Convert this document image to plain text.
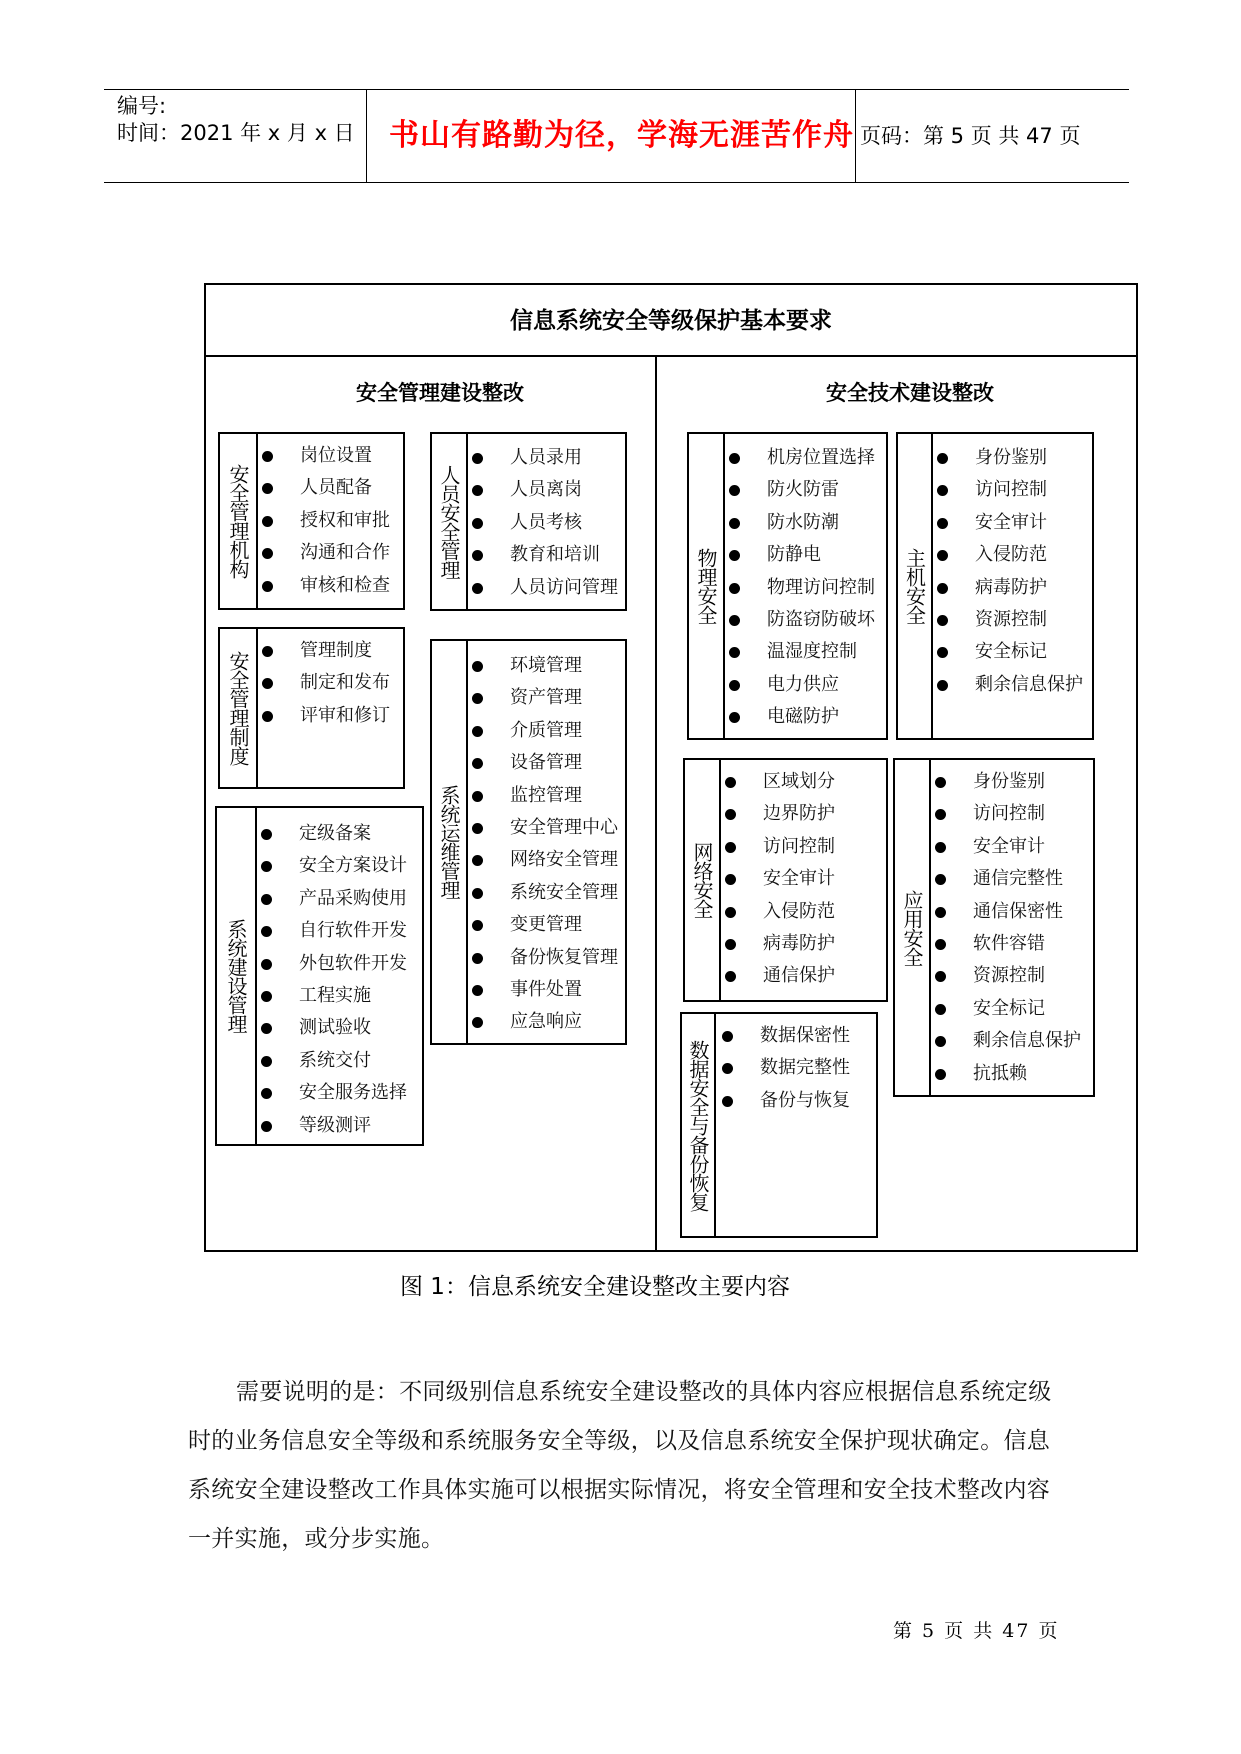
编号:
时间：2021 年 x 月 x 日 书山有路勤为径，学海无涯苦作舟 页码：第 5 页 共 47 页
信息系统安全等级保护基本要求
安全管理建设整改	安全技术建设整改
安全管理机构
岗位设置
人员配备
授权和审批
沟通和合作
审核和检查
安全管理制度
管理制度
制定和发布
评审和修订
系统建设管理
定级备案
安全方案设计
产品采购使用
自行软件开发
外包软件开发
工程实施
测试验收
系统交付
安全服务选择
等级测评
人员安全管理
人员录用
人员离岗
人员考核
教育和培训
人员访问管理
系统运维管理
环境管理
资产管理
介质管理
设备管理
监控管理
安全管理中心
网络安全管理
系统安全管理
变更管理
备份恢复管理
事件处置
应急响应
物理安全
机房位置选择
防火防雷
防水防潮
防静电
物理访问控制
防盗窃防破坏
温湿度控制
电力供应
电磁防护
主机安全
身份鉴别
访问控制
安全审计
入侵防范
病毒防护
资源控制
安全标记
剩余信息保护
网络安全
区域划分
边界防护
访问控制
安全审计
入侵防范
病毒防护
通信保护
应用安全
身份鉴别
访问控制
安全审计
通信完整性
通信保密性
软件容错
资源控制
安全标记
剩余信息保护
抗抵赖
数据安全与备份恢复
数据保密性
数据完整性
备份与恢复
图 1：信息系统安全建设整改主要内容

需要说明的是：不同级别信息系统安全建设整改的具体内容应根据信息系统定级时的业务信息安全等级和系统服务安全等级，以及信息系统安全保护现状确定。信息系统安全建设整改工作具体实施可以根据实际情况，将安全管理和安全技术整改内容一并实施，或分步实施。

第 5 页 共 47 页
